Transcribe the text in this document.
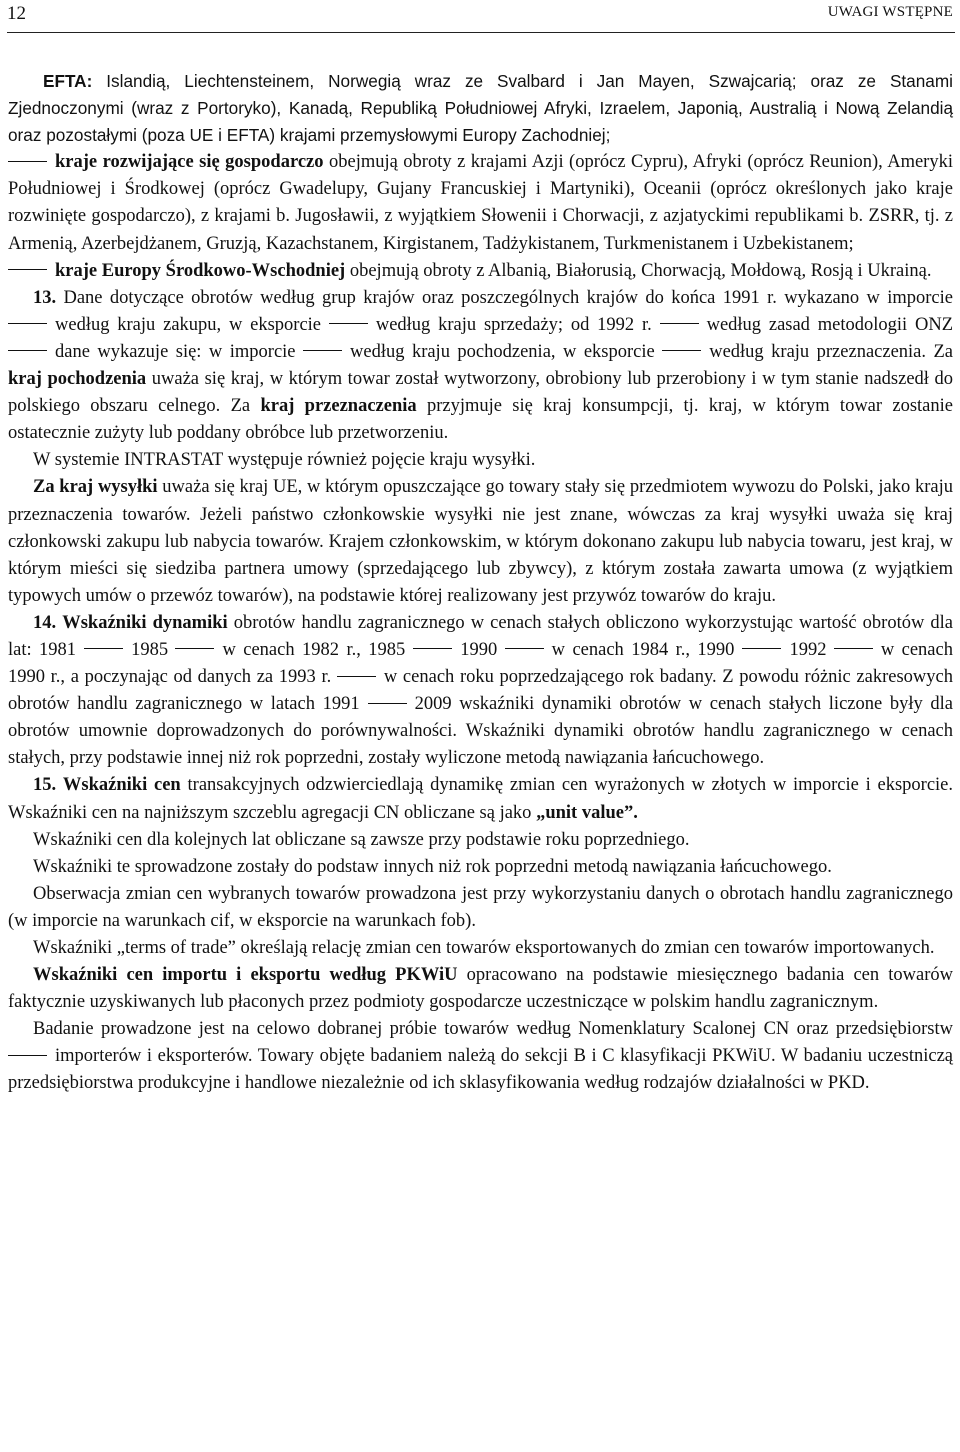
12	UWAGI WSTĘPNE

EFTA: Islandią, Liechtensteinem, Norwegią wraz ze Svalbard i Jan Mayen, Szwajcarią; oraz ze Stanami Zjednoczonymi (wraz z Portoryko), Kanadą, Republiką Południowej Afryki, Izraelem, Japonią, Australią i Nową Zelandią oraz pozostałymi (poza UE i EFTA) krajami przemysłowymi Europy Zachodniej;

kraje rozwijające się gospodarczo obejmują obroty z krajami Azji (oprócz Cypru), Afryki (oprócz Reunion), Ameryki Południowej i Środkowej (oprócz Gwadelupy, Gujany Francuskiej i Martyniki), Oceanii (oprócz określonych jako kraje rozwinięte gospodarczo), z krajami b. Jugosławii, z wyjątkiem Słowenii i Chorwacji, z azjatyckimi republikami b. ZSRR, tj. z Armenią, Azerbejdżanem, Gruzją, Kazachstanem, Kirgistanem, Tadżykistanem, Turkmenistanem i Uzbekistanem;

kraje Europy Środkowo-Wschodniej obejmują obroty z Albanią, Białorusią, Chorwacją, Mołdową, Rosją i Ukrainą.

13. Dane dotyczące obrotów według grup krajów oraz poszczególnych krajów do końca 1991 r. wykazano w imporcie według kraju zakupu, w eksporcie	według kraju sprzedaży; od 1992 r.	według zasad metodologii ONZ dane wykazuje się: w imporcie	według kraju pochodzenia, w eksporcie	według kraju przeznaczenia. Za kraj pochodzenia uważa się kraj, w którym towar został wytworzony, obrobiony lub przerobiony i w tym stanie nadszedł do polskiego obszaru celnego. Za kraj przeznaczenia przyjmuje się kraj konsumpcji, tj. kraj, w którym towar zostanie ostatecznie zużyty lub poddany obróbce lub przetworzeniu.

W systemie INTRASTAT występuje również pojęcie kraju wysyłki.

Za kraj wysyłki uważa się kraj UE, w którym opuszczające go towary stały się przedmiotem wywozu do Polski, jako kraju przeznaczenia towarów. Jeżeli państwo członkowskie wysyłki nie jest znane, wówczas za kraj wysyłki uważa się kraj członkowski zakupu lub nabycia towarów. Krajem członkowskim, w którym dokonano zakupu lub nabycia towaru, jest kraj, w którym mieści się siedziba partnera umowy (sprzedającego lub zbywcy), z którym została zawarta umowa (z wyjątkiem typowych umów o przewóz towarów), na podstawie której realizowany jest przywóz towarów do kraju.

14. Wskaźniki dynamiki obrotów handlu zagranicznego w cenach stałych obliczono wykorzystując wartość obrotów dla lat: 1981	1985	w cenach 1982 r., 1985	1990	w cenach 1984 r., 1990	1992	w cenach 1990 r., a poczynając od danych za 1993 r.	w cenach roku poprzedzającego rok badany. Z powodu różnic zakresowych obrotów handlu zagranicznego w latach 1991	2009 wskaźniki dynamiki obrotów w cenach stałych liczone były dla obrotów umownie doprowadzonych do porównywalności. Wskaźniki dynamiki obrotów handlu zagranicznego w cenach stałych, przy podstawie innej niż rok poprzedni, zostały wyliczone metodą nawiązania łańcuchowego.

15. Wskaźniki cen transakcyjnych odzwierciedlają dynamikę zmian cen wyrażonych w złotych w imporcie i eksporcie. Wskaźniki cen na najniższym szczeblu agregacji CN obliczane są jako „unit value”.

Wskaźniki cen dla kolejnych lat obliczane są zawsze przy podstawie roku poprzedniego.

Wskaźniki te sprowadzone zostały do podstaw innych niż rok poprzedni metodą nawiązania łańcuchowego.

Obserwacja zmian cen wybranych towarów prowadzona jest przy wykorzystaniu danych o obrotach handlu zagranicznego (w imporcie na warunkach cif, w eksporcie na warunkach fob).

Wskaźniki „terms of trade” określają relację zmian cen towarów eksportowanych do zmian cen towarów importowanych.

Wskaźniki cen importu i eksportu według PKWiU opracowano na podstawie miesięcznego badania cen towarów faktycznie uzyskiwanych lub płaconych przez podmioty gospodarcze uczestniczące w polskim handlu zagranicznym.

Badanie prowadzone jest na celowo dobranej próbie towarów według Nomenklatury Scalonej CN oraz przedsiębiorstw importerów i eksporterów. Towary objęte badaniem należą do sekcji B i C klasyfikacji PKWiU. W badaniu uczestniczą przedsiębiorstwa produkcyjne i handlowe niezależnie od ich sklasyfikowania według rodzajów działalności w PKD.
